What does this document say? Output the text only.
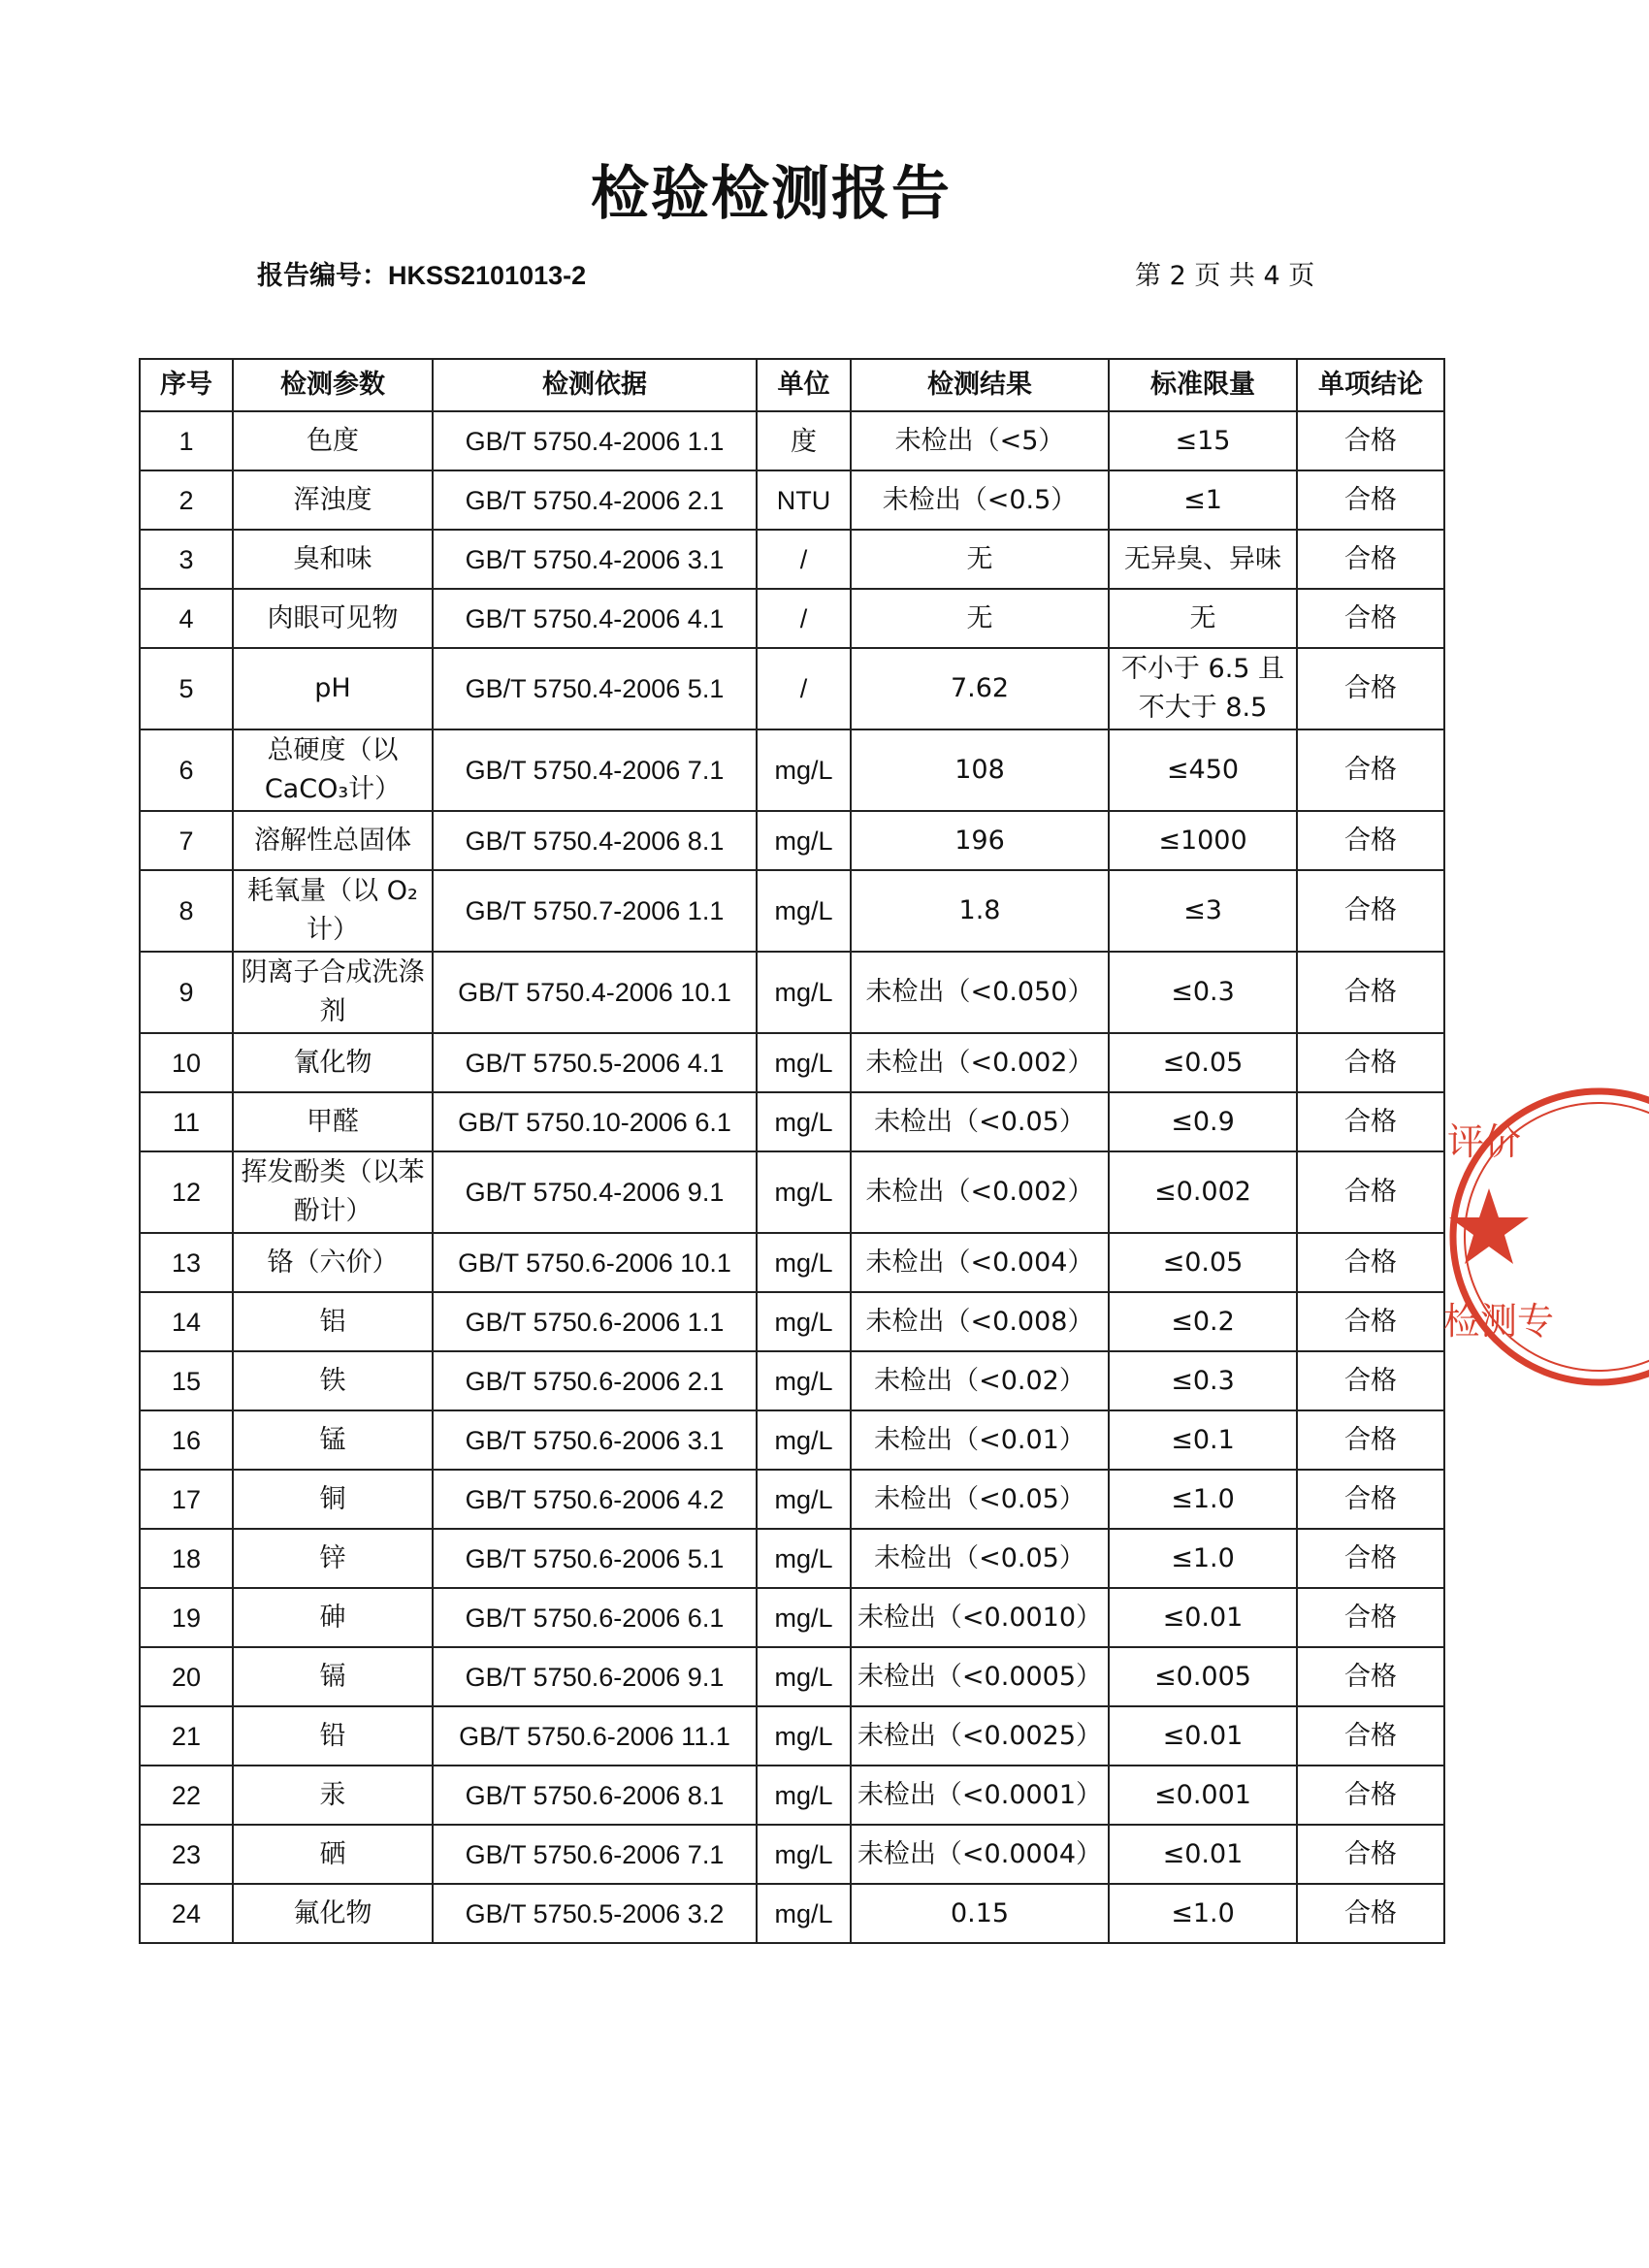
检验检测报告
报告编号：HKSS2101013-2	第 2 页 共 4 页
序号	检测参数	检测依据	单位	检测结果	标准限量	单项结论
1	色度	GB/T 5750.4-2006 1.1	度	未检出（<5）	≤15	合格
2	浑浊度	GB/T 5750.4-2006 2.1	NTU	未检出（<0.5）	≤1	合格
3	臭和味	GB/T 5750.4-2006 3.1	/	无	无异臭、异味	合格
4	肉眼可见物	GB/T 5750.4-2006 4.1	/	无	无	合格
5	pH	GB/T 5750.4-2006 5.1	/	7.62	不小于 6.5 且不大于 8.5	合格
6	总硬度（以CaCO₃计）	GB/T 5750.4-2006 7.1	mg/L	108	≤450	合格
7	溶解性总固体	GB/T 5750.4-2006 8.1	mg/L	196	≤1000	合格
8	耗氧量（以 O₂计）	GB/T 5750.7-2006 1.1	mg/L	1.8	≤3	合格
9	阴离子合成洗涤剂	GB/T 5750.4-2006 10.1	mg/L	未检出（<0.050）	≤0.3	合格
10	氰化物	GB/T 5750.5-2006 4.1	mg/L	未检出（<0.002）	≤0.05	合格
11	甲醛	GB/T 5750.10-2006 6.1	mg/L	未检出（<0.05）	≤0.9	合格
12	挥发酚类（以苯酚计）	GB/T 5750.4-2006 9.1	mg/L	未检出（<0.002）	≤0.002	合格
13	铬（六价）	GB/T 5750.6-2006 10.1	mg/L	未检出（<0.004）	≤0.05	合格
14	铝	GB/T 5750.6-2006 1.1	mg/L	未检出（<0.008）	≤0.2	合格
15	铁	GB/T 5750.6-2006 2.1	mg/L	未检出（<0.02）	≤0.3	合格
16	锰	GB/T 5750.6-2006 3.1	mg/L	未检出（<0.01）	≤0.1	合格
17	铜	GB/T 5750.6-2006 4.2	mg/L	未检出（<0.05）	≤1.0	合格
18	锌	GB/T 5750.6-2006 5.1	mg/L	未检出（<0.05）	≤1.0	合格
19	砷	GB/T 5750.6-2006 6.1	mg/L	未检出（<0.0010）	≤0.01	合格
20	镉	GB/T 5750.6-2006 9.1	mg/L	未检出（<0.0005）	≤0.005	合格
21	铅	GB/T 5750.6-2006 11.1	mg/L	未检出（<0.0025）	≤0.01	合格
22	汞	GB/T 5750.6-2006 8.1	mg/L	未检出（<0.0001）	≤0.001	合格
23	硒	GB/T 5750.6-2006 7.1	mg/L	未检出（<0.0004）	≤0.01	合格
24	氟化物	GB/T 5750.5-2006 3.2	mg/L	0.15	≤1.0	合格
评价
检测专
